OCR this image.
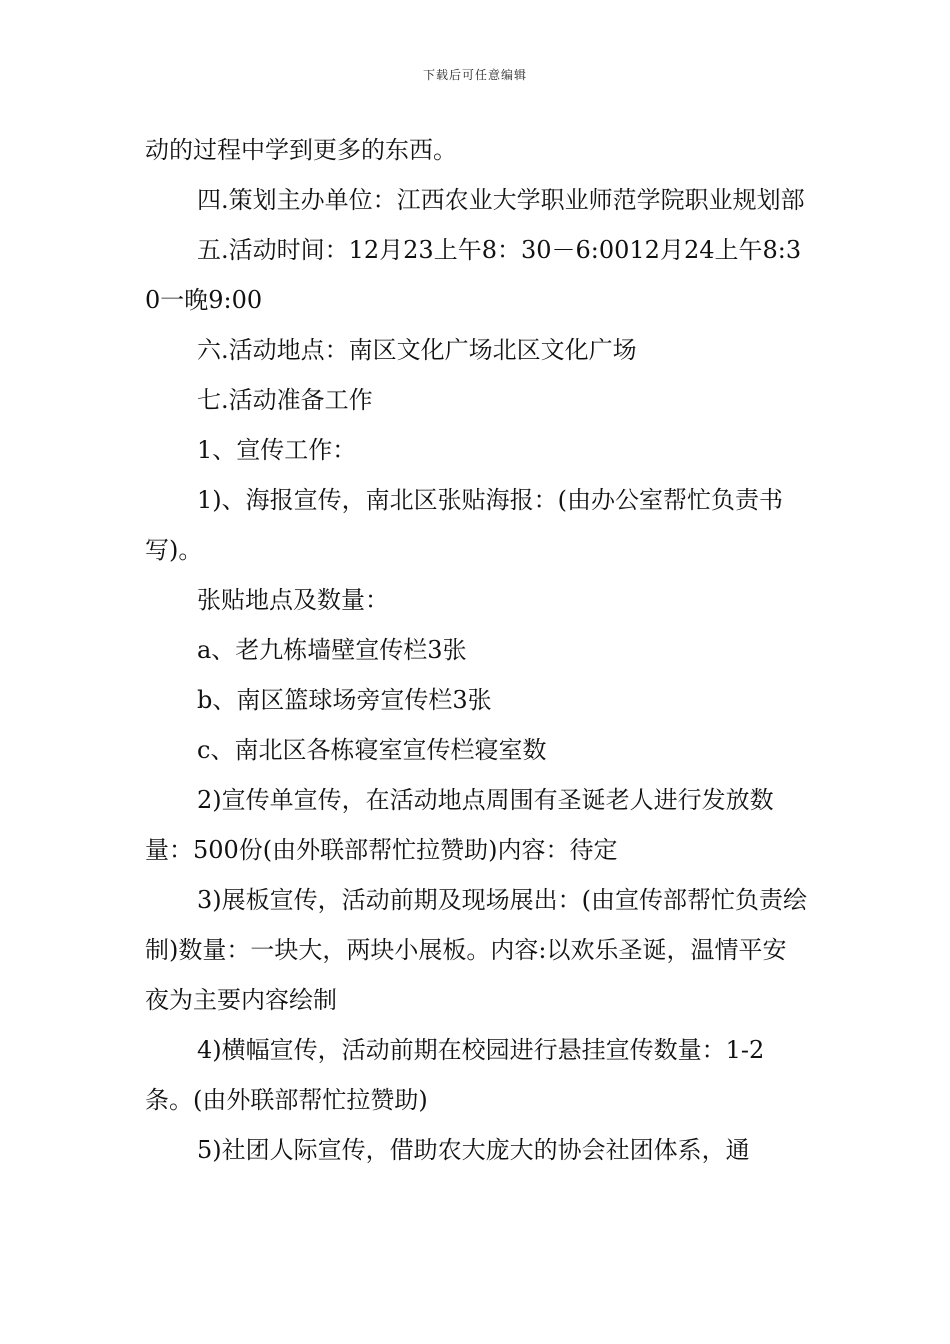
下载后可任意编辑

动的过程中学到更多的东西。

四.策划主办单位：江西农业大学职业师范学院职业规划部

五.活动时间：12月23上午8：30－6:0012月24上午8:30一晚9:00

六.活动地点：南区文化广场北区文化广场

七.活动准备工作

1、宣传工作：

1)、海报宣传，南北区张贴海报：(由办公室帮忙负责书写)。

张贴地点及数量：

a、老九栋墙壁宣传栏3张

b、南区篮球场旁宣传栏3张

c、南北区各栋寝室宣传栏寝室数

2)宣传单宣传，在活动地点周围有圣诞老人进行发放数量：500份(由外联部帮忙拉赞助)内容：待定

3)展板宣传，活动前期及现场展出：(由宣传部帮忙负责绘制)数量：一块大，两块小展板。内容:以欢乐圣诞，温情平安夜为主要内容绘制

4)横幅宣传，活动前期在校园进行悬挂宣传数量：1-2条。(由外联部帮忙拉赞助)

5)社团人际宣传，借助农大庞大的协会社团体系，通
